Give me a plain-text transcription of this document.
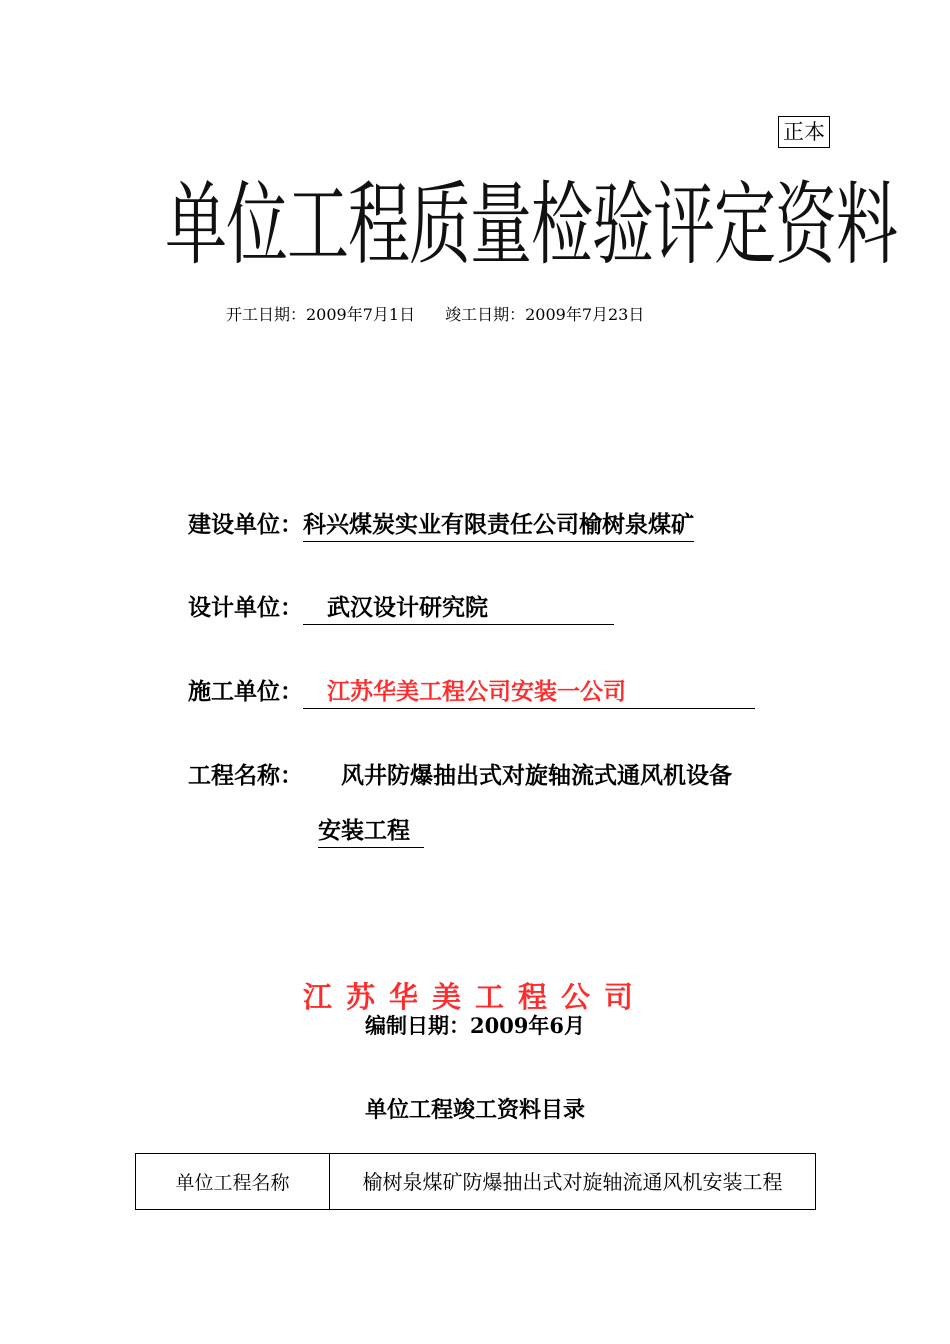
正本
单位工程质量检验评定资料
开工日期：2009年7月1日 竣工日期：2009年7月23日
建设单位：科兴煤炭实业有限责任公司榆树泉煤矿
设计单位： 武汉设计研究院
施工单位： 江苏华美工程公司安装一公司
工程名称： 风井防爆抽出式对旋轴流式通风机设备
安装工程
江苏华美工程公司
编制日期：2009年6月
单位工程竣工资料目录
单位工程名称	榆树泉煤矿防爆抽出式对旋轴流通风机安装工程
